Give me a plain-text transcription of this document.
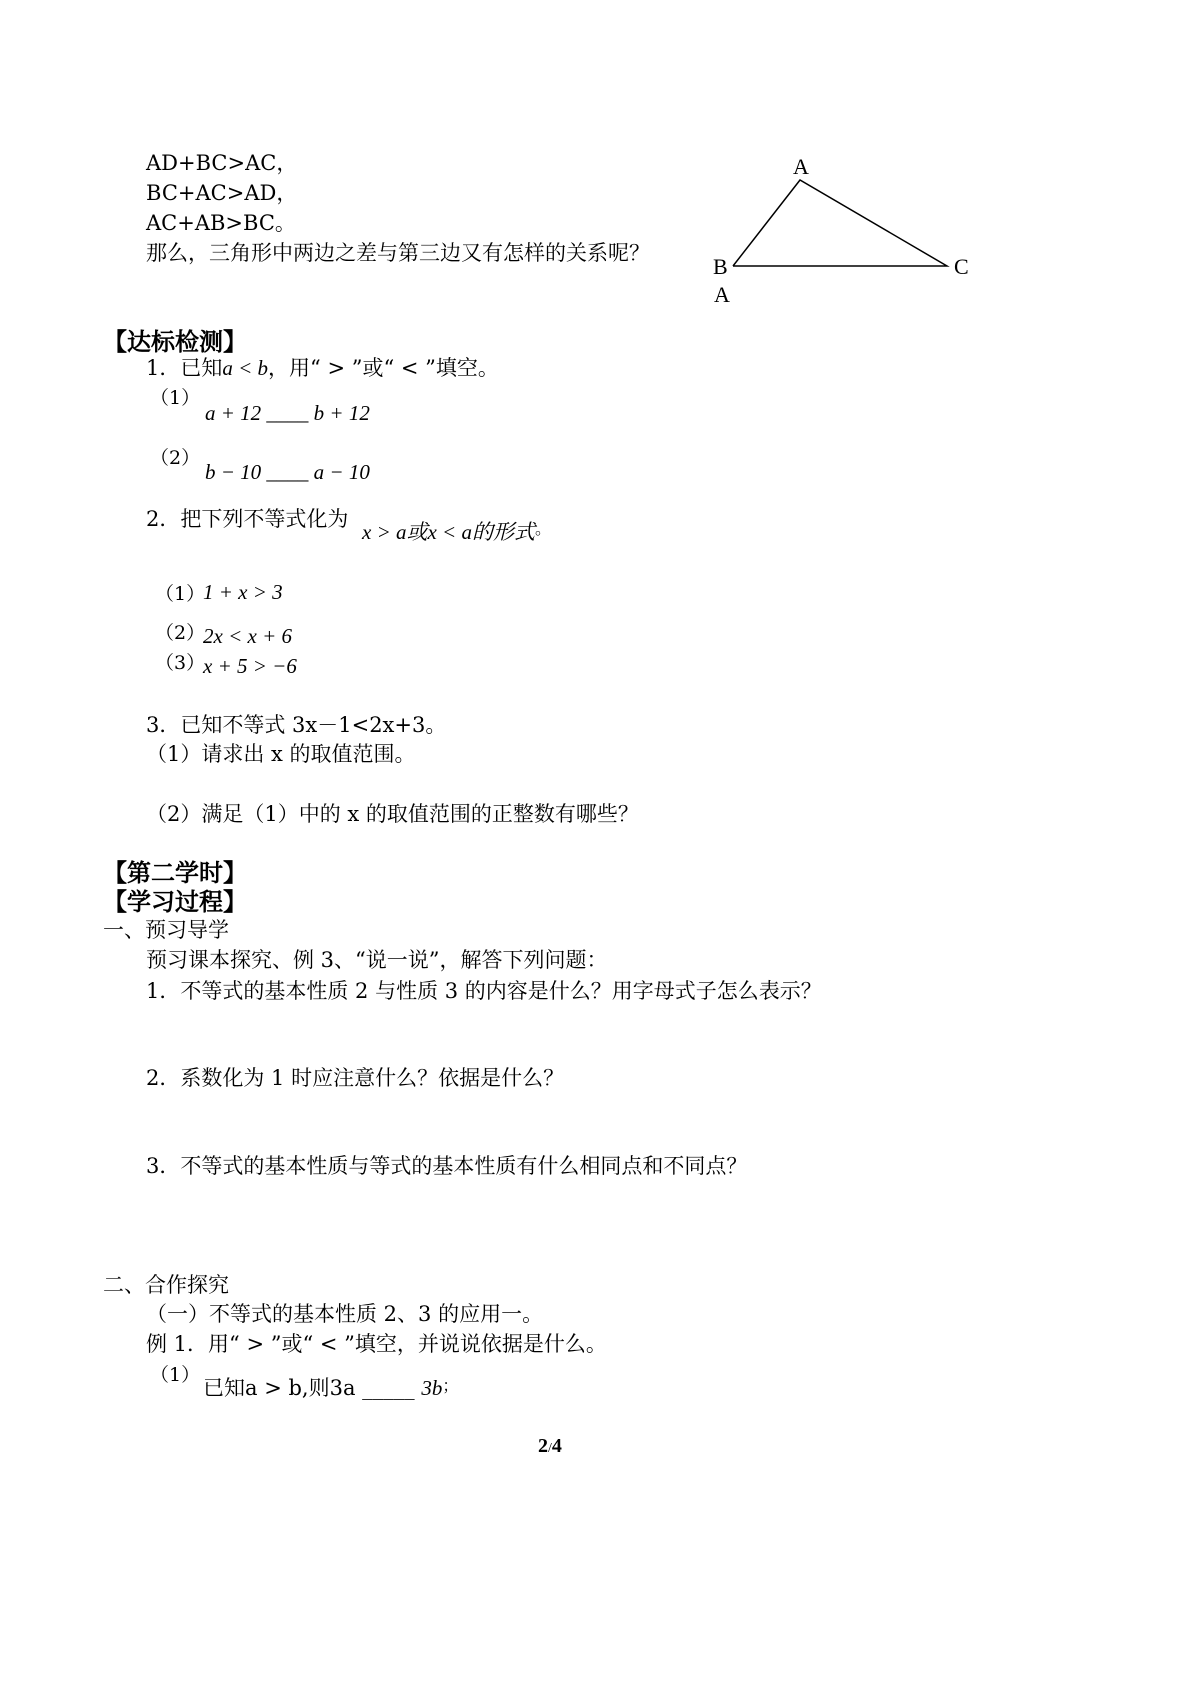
AD+BC>AC，
BC+AC>AD，
AC+AB>BC。
那么，三角形中两边之差与第三边又有怎样的关系呢？
A
B	C
A
【达标检测】
1．已知a < b，用“ > ”或“ < ”填空。
（1）
a + 12 ____ b + 12
（2）
b − 10 ____ a − 10
2．把下列不等式化为
x > a或x < a的形式。
（1）
1 + x > 3
（2）
2x < x + 6
（3）
x + 5 > −6
3．已知不等式 3x－1<2x+3。
（1）请求出 x 的取值范围。
（2）满足（1）中的 x 的取值范围的正整数有哪些？
【第二学时】
【学习过程】
一、预习导学
预习课本探究、例 3、“说一说”，解答下列问题：
1．不等式的基本性质 2 与性质 3 的内容是什么？用字母式子怎么表示？
2．系数化为 1 时应注意什么？依据是什么？
3．不等式的基本性质与等式的基本性质有什么相同点和不同点？
二、合作探究
（一）不等式的基本性质 2、3 的应用一。
例 1．用“ > ”或“ < ”填空，并说说依据是什么。
（1）
已知a > b,则3a _____ 3b；
2/4
